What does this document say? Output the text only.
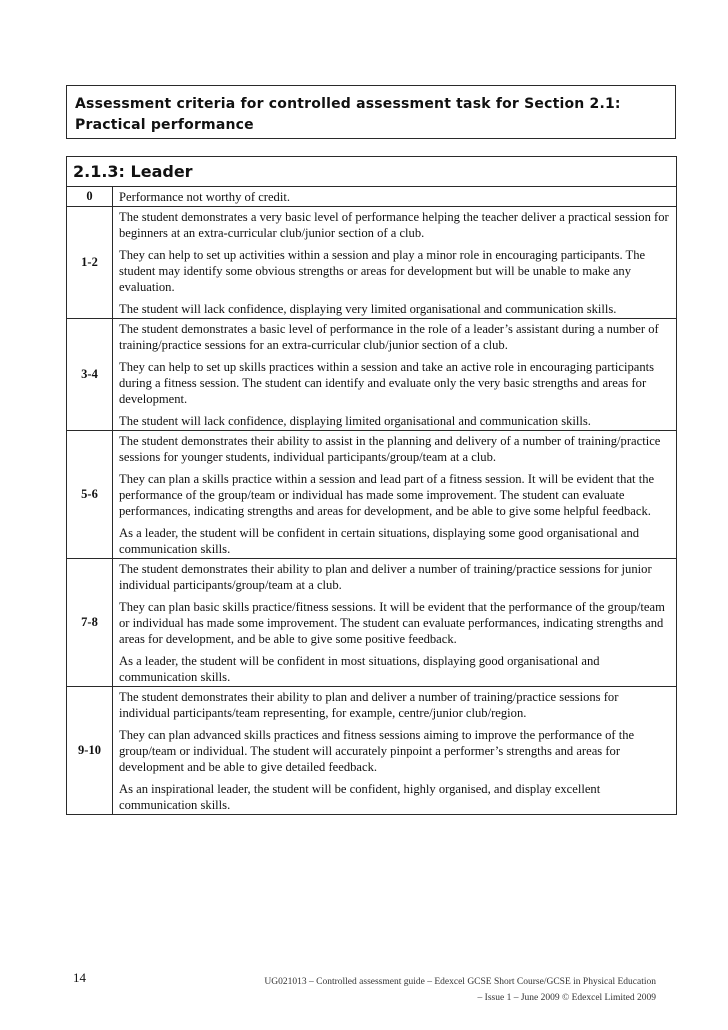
Assessment criteria for controlled assessment task for Section 2.1: Practical performance
2.1.3: Leader
0	Performance not worthy of credit.

1-2

The student demonstrates a very basic level of performance helping the teacher deliver a practical session for beginners at an extra-curricular club/junior section of a club.

They can help to set up activities within a session and play a minor role in encouraging participants. The student may identify some obvious strengths or areas for development but will be unable to make any evaluation.

The student will lack confidence, displaying very limited organisational and communication skills.

3-4

The student demonstrates a basic level of performance in the role of a leader’s assistant during a number of training/practice sessions for an extra-curricular club/junior section of a club.

They can help to set up skills practices within a session and take an active role in encouraging participants during a fitness session. The student can identify and evaluate only the very basic strengths and areas for development.

The student will lack confidence, displaying limited organisational and communication skills.

5-6

The student demonstrates their ability to assist in the planning and delivery of a number of training/practice sessions for younger students, individual participants/group/team at a club.

They can plan a skills practice within a session and lead part of a fitness session. It will be evident that the performance of the group/team or individual has made some improvement. The student can evaluate performances, indicating strengths and areas for development, and be able to give some helpful feedback.

As a leader, the student will be confident in certain situations, displaying some good organisational and communication skills.

7-8

The student demonstrates their ability to plan and deliver a number of training/practice sessions for junior individual participants/group/team at a club.

They can plan basic skills practice/fitness sessions. It will be evident that the performance of the group/team or individual has made some improvement. The student can evaluate performances, indicating strengths and areas for development, and be able to give some positive feedback.

As a leader, the student will be confident in most situations, displaying good organisational and communication skills.

9-10

The student demonstrates their ability to plan and deliver a number of training/practice sessions for individual participants/team representing, for example, centre/junior club/region.

They can plan advanced skills practices and fitness sessions aiming to improve the performance of the group/team or individual. The student will accurately pinpoint a performer’s strengths and areas for development and be able to give detailed feedback.

As an inspirational leader, the student will be confident, highly organised, and display excellent communication skills.

14	UG021013 – Controlled assessment guide – Edexcel GCSE Short Course/GCSE in Physical Education
– Issue 1 – June 2009 © Edexcel Limited 2009
